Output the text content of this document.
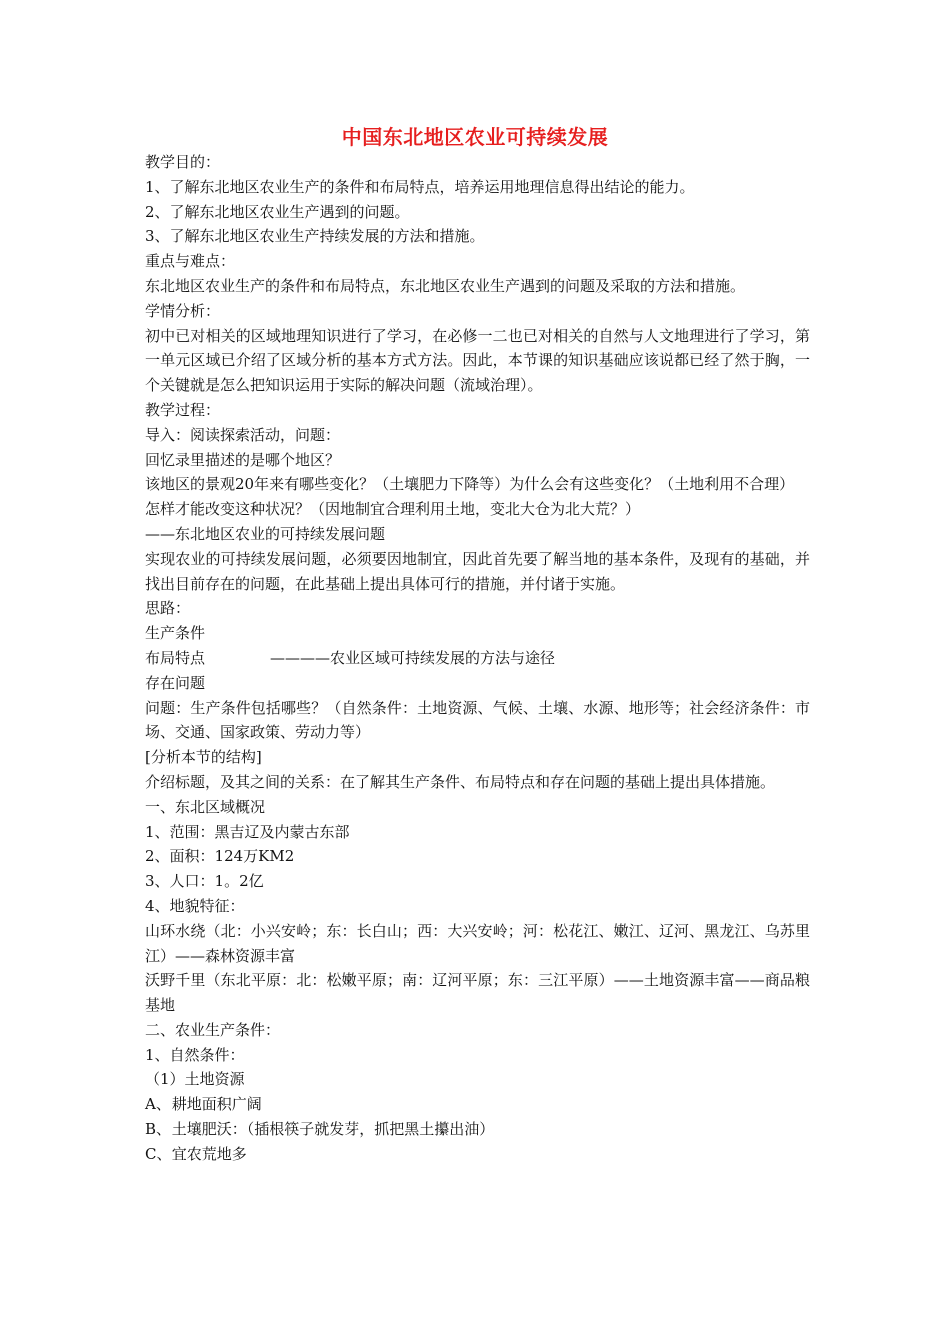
中国东北地区农业可持续发展

教学目的：

1、了解东北地区农业生产的条件和布局特点，培养运用地理信息得出结论的能力。

2、了解东北地区农业生产遇到的问题。

3、了解东北地区农业生产持续发展的方法和措施。

重点与难点：

东北地区农业生产的条件和布局特点，东北地区农业生产遇到的问题及采取的方法和措施。

学情分析：

初中已对相关的区域地理知识进行了学习，在必修一二也已对相关的自然与人文地理进行了学习，第一单元区域已介绍了区域分析的基本方式方法。因此，本节课的知识基础应该说都已经了然于胸，一个关键就是怎么把知识运用于实际的解决问题（流域治理）。

教学过程：

导入：阅读探索活动，问题：

回忆录里描述的是哪个地区？

该地区的景观20年来有哪些变化？（土壤肥力下降等）为什么会有这些变化？（土地利用不合理）

怎样才能改变这种状况？（因地制宜合理利用土地，变北大仓为北大荒？）

——东北地区农业的可持续发展问题

实现农业的可持续发展问题，必须要因地制宜，因此首先要了解当地的基本条件，及现有的基础，并找出目前存在的问题，在此基础上提出具体可行的措施，并付诸于实施。

思路：

生产条件

布局特点	————农业区域可持续发展的方法与途径

存在问题

问题：生产条件包括哪些？（自然条件：土地资源、气候、土壤、水源、地形等；社会经济条件：市场、交通、国家政策、劳动力等）

[分析本节的结构]

介绍标题，及其之间的关系：在了解其生产条件、布局特点和存在问题的基础上提出具体措施。

一、东北区域概况

1、范围：黑吉辽及内蒙古东部

2、面积：124万KM2

3、人口：1。2亿

4、地貌特征：

山环水绕（北：小兴安岭；东：长白山；西：大兴安岭；河：松花江、嫩江、辽河、黑龙江、乌苏里江）——森林资源丰富

沃野千里（东北平原：北：松嫩平原；南：辽河平原；东：三江平原）——土地资源丰富——商品粮基地

二、农业生产条件：

1、自然条件：

（1）土地资源

A、 耕地面积广阔

B、 土壤肥沃：（插根筷子就发芽，抓把黑土攥出油）

C、 宜农荒地多
